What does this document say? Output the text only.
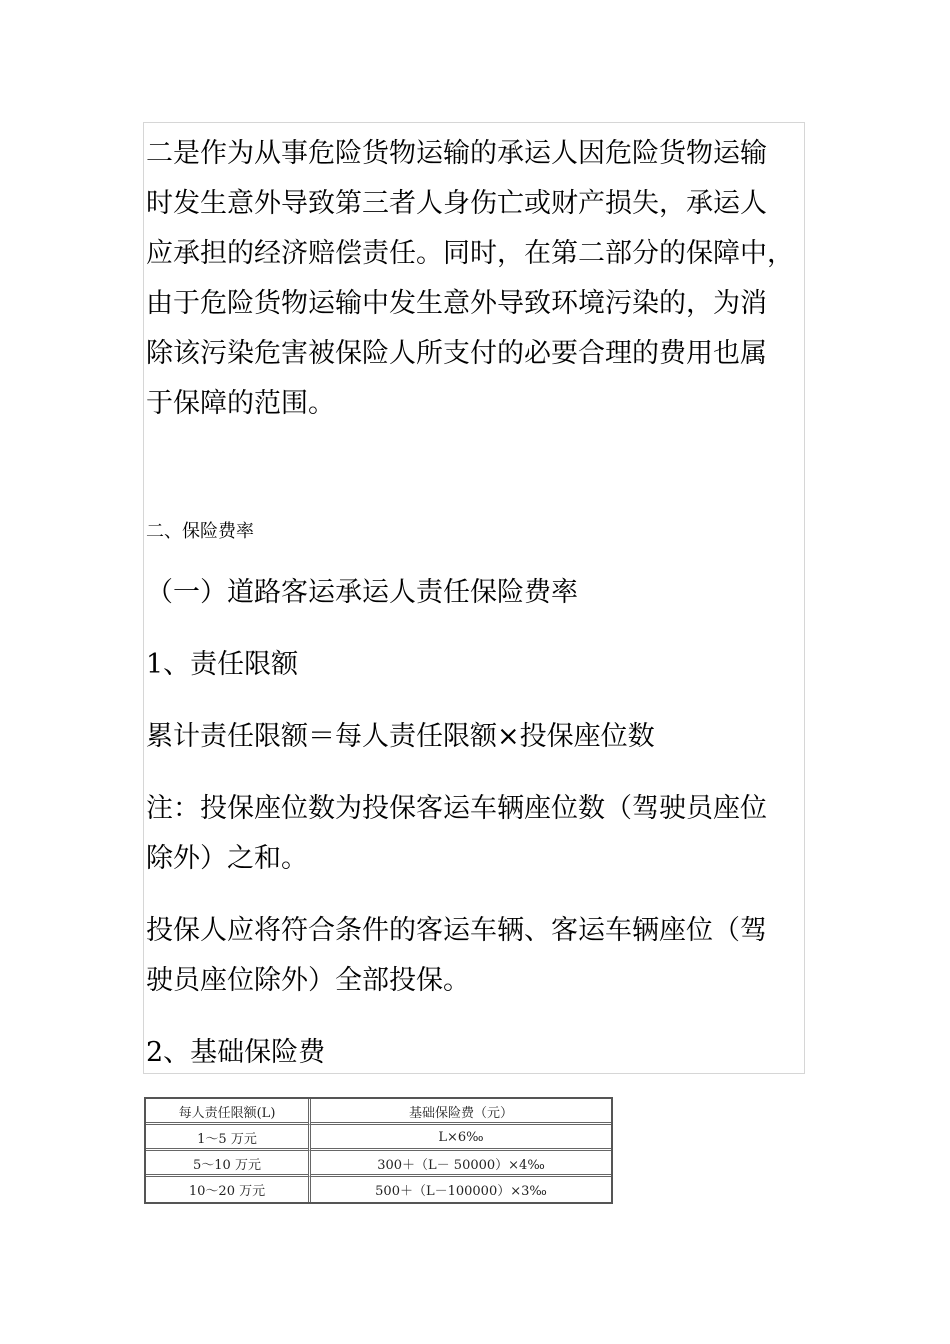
二是作为从事危险货物运输的承运人因危险货物运输

时发生意外导致第三者人身伤亡或财产损失，承运人

应承担的经济赔偿责任。同时，在第二部分的保障中，

由于危险货物运输中发生意外导致环境污染的，为消

除该污染危害被保险人所支付的必要合理的费用也属

于保障的范围。

二、保险费率

（一）道路客运承运人责任保险费率

1、责任限额

累计责任限额＝每人责任限额×投保座位数

注：投保座位数为投保客运车辆座位数（驾驶员座位

除外）之和。

投保人应将符合条件的客运车辆、客运车辆座位（驾

驶员座位除外）全部投保。

2、基础保险费

每人责任限额(L)	基础保险费（元）
1～5 万元	L×6‰
5～10 万元	300＋（L－ 50000）×4‰
10～20 万元	500＋（L－100000）×3‰
